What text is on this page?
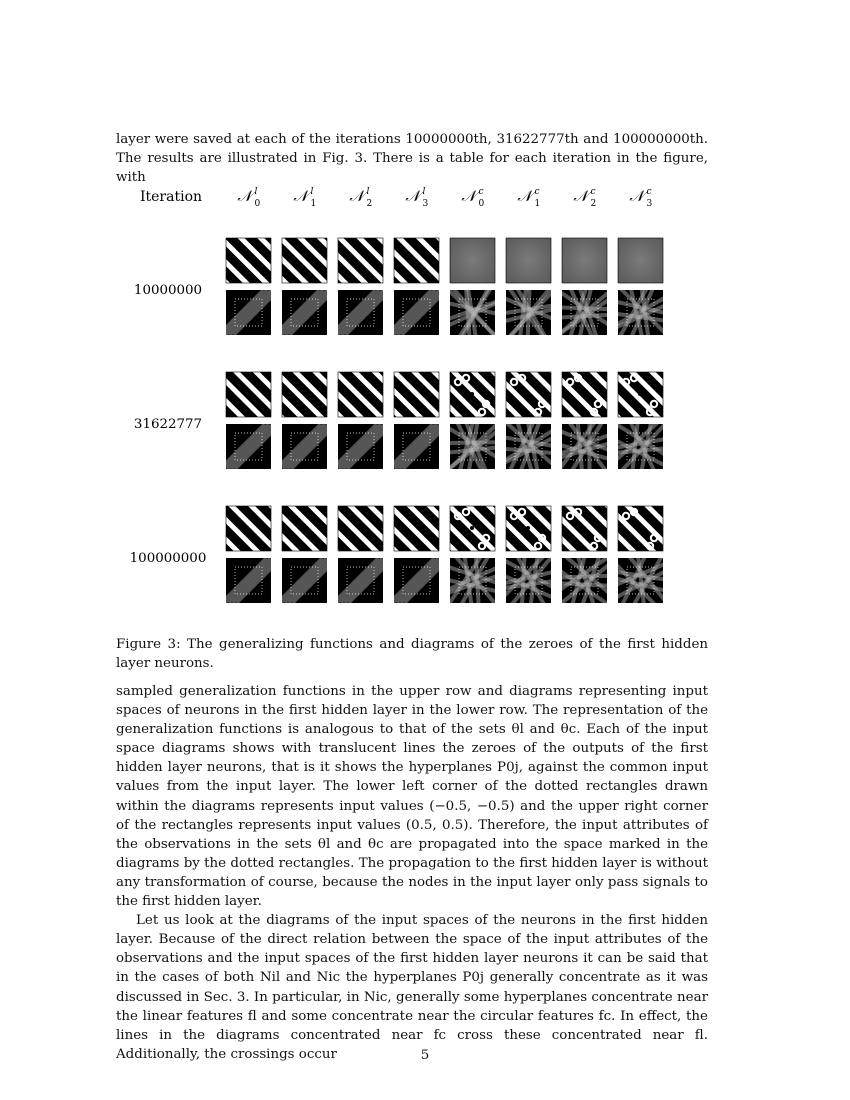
layer were saved at each of the iterations 10000000th, 31622777th and 100000000th. The results are illustrated in Fig. 3. There is a table for each iteration in the figure, with

Iteration 𝒩 l
0 𝒩 l
1 𝒩 l
2 𝒩 l
3 𝒩 c
0 𝒩 c
1 𝒩 c
2 𝒩 c
3
10000000
31622777
100000000
Figure 3: The generalizing functions and diagrams of the zeroes of the first hidden layer neurons.

sampled generalization functions in the upper row and diagrams representing input spaces of neurons in the first hidden layer in the lower row. The representation of the generalization functions is analogous to that of the sets θl and θc. Each of the input space diagrams shows with translucent lines the zeroes of the outputs of the first hidden layer neurons, that is it shows the hyperplanes P0j, against the common input values from the input layer. The lower left corner of the dotted rectangles drawn within the diagrams represents input values (−0.5, −0.5) and the upper right corner of the rectangles represents input values (0.5, 0.5). Therefore, the input attributes of the observations in the sets θl and θc are propagated into the space marked in the diagrams by the dotted rectangles. The propagation to the first hidden layer is without any transformation of course, because the nodes in the input layer only pass signals to the first hidden layer.

Let us look at the diagrams of the input spaces of the neurons in the first hidden layer. Because of the direct relation between the space of the input attributes of the observations and the input spaces of the first hidden layer neurons it can be said that in the cases of both Nil and Nic the hyperplanes P0j generally concentrate as it was discussed in Sec. 3. In particular, in Nic, generally some hyperplanes concentrate near the linear features fl and some concentrate near the circular features fc. In effect, the lines in the diagrams concentrated near fc cross these concentrated near fl. Additionally, the crossings occur	5
